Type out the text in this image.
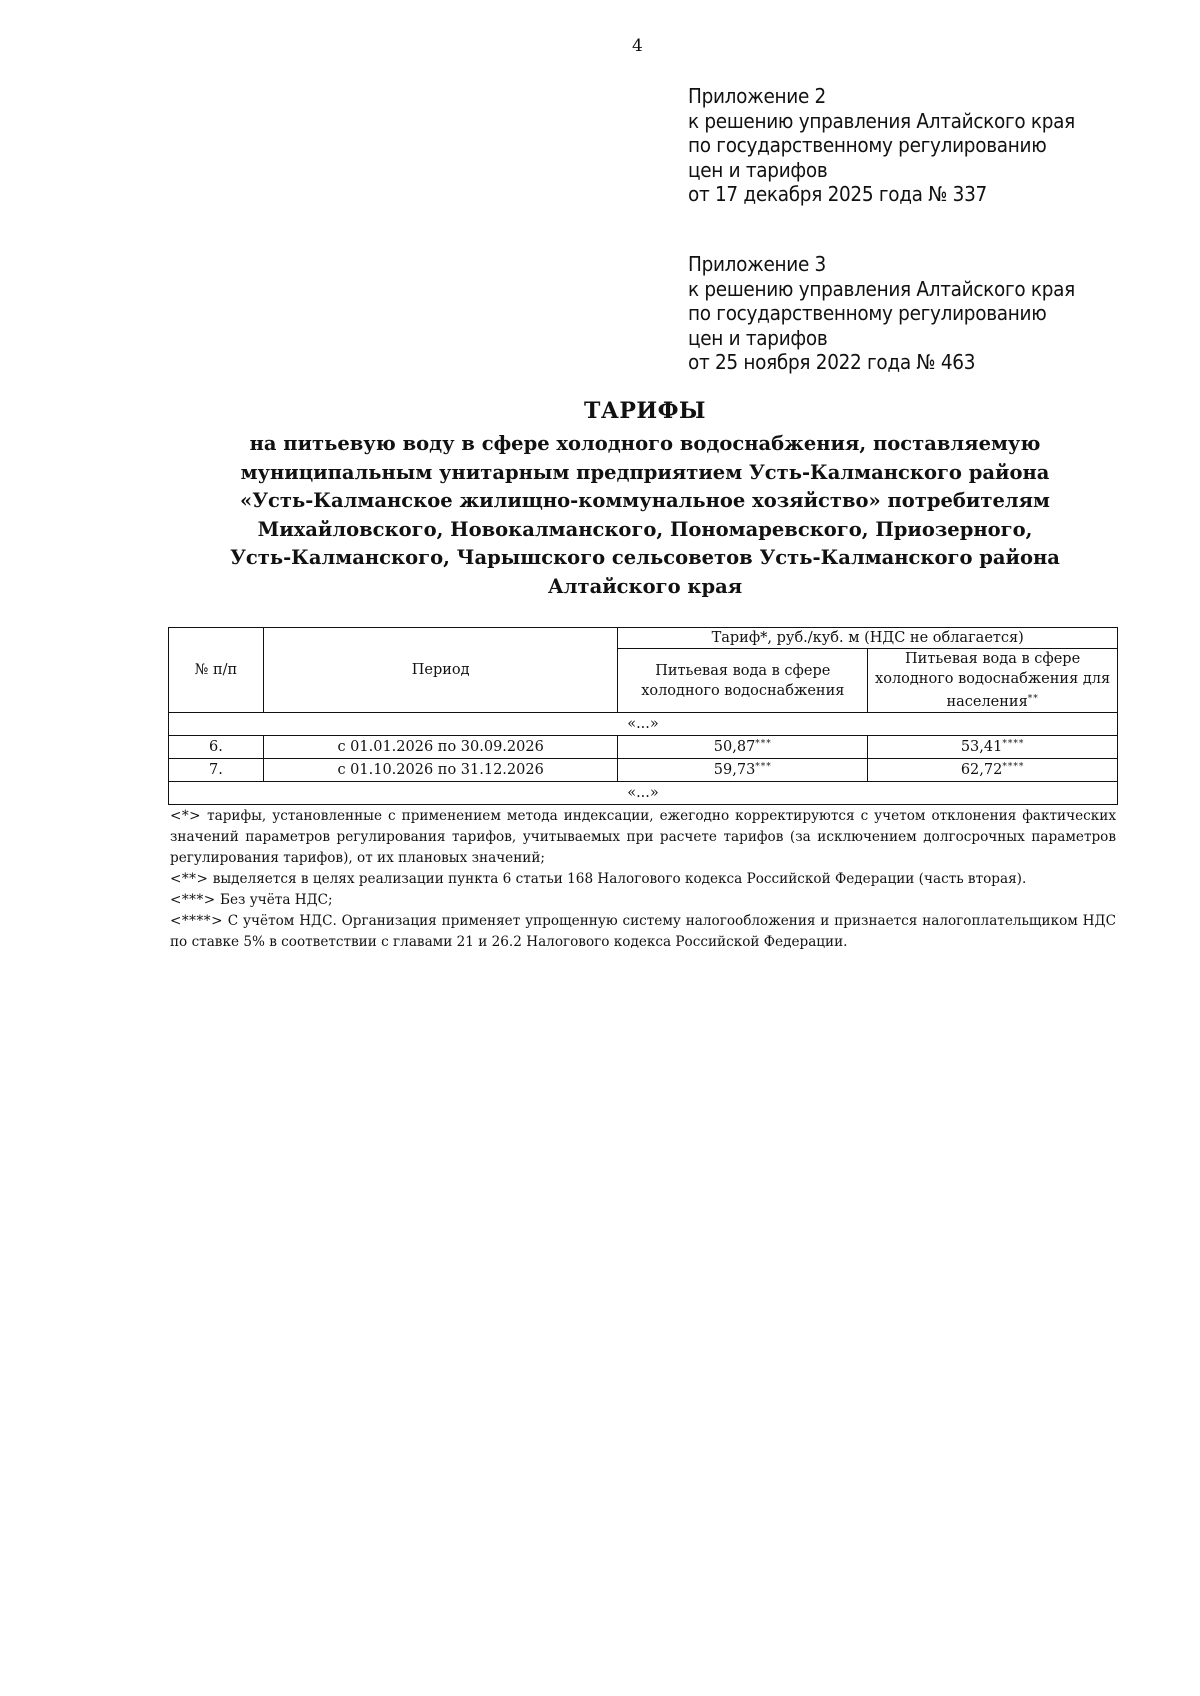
4
Приложение 2
к решению управления Алтайского края
по государственному регулированию
цен и тарифов
от 17 декабря 2025 года № 337
Приложение 3
к решению управления Алтайского края
по государственному регулированию
цен и тарифов
от 25 ноября 2022 года № 463
ТАРИФЫ
на питьевую воду в сфере холодного водоснабжения, поставляемую
муниципальным унитарным предприятием Усть-Калманского района
«Усть-Калманское жилищно-коммунальное хозяйство» потребителям
Михайловского, Новокалманского, Пономаревского, Приозерного,
Усть-Калманского, Чарышского сельсоветов Усть-Калманского района
Алтайского края
№ п/п	Период	Тариф*, руб./куб. м (НДС не облагается)	
		Питьевая вода в сфере холодного водоснабжения	Питьевая вода в сфере холодного водоснабжения для населения**
«...»			
6.	с 01.01.2026 по 30.09.2026	50,87***	53,41****
7.	с 01.10.2026 по 31.12.2026	59,73***	62,72****
«...»			

<*> тарифы, установленные с применением метода индексации, ежегодно корректируются с учетом отклонения фактических значений параметров регулирования тарифов, учитываемых при расчете тарифов (за исключением долгосрочных параметров регулирования тарифов), от их плановых значений;

<**> выделяется в целях реализации пункта 6 статьи 168 Налогового кодекса Российской Федерации (часть вторая).

<***> Без учёта НДС;

<****> С учётом НДС. Организация применяет упрощенную систему налогообложения и признается налогоплательщиком НДС по ставке 5% в соответствии с главами 21 и 26.2 Налогового кодекса Российской Федерации.
